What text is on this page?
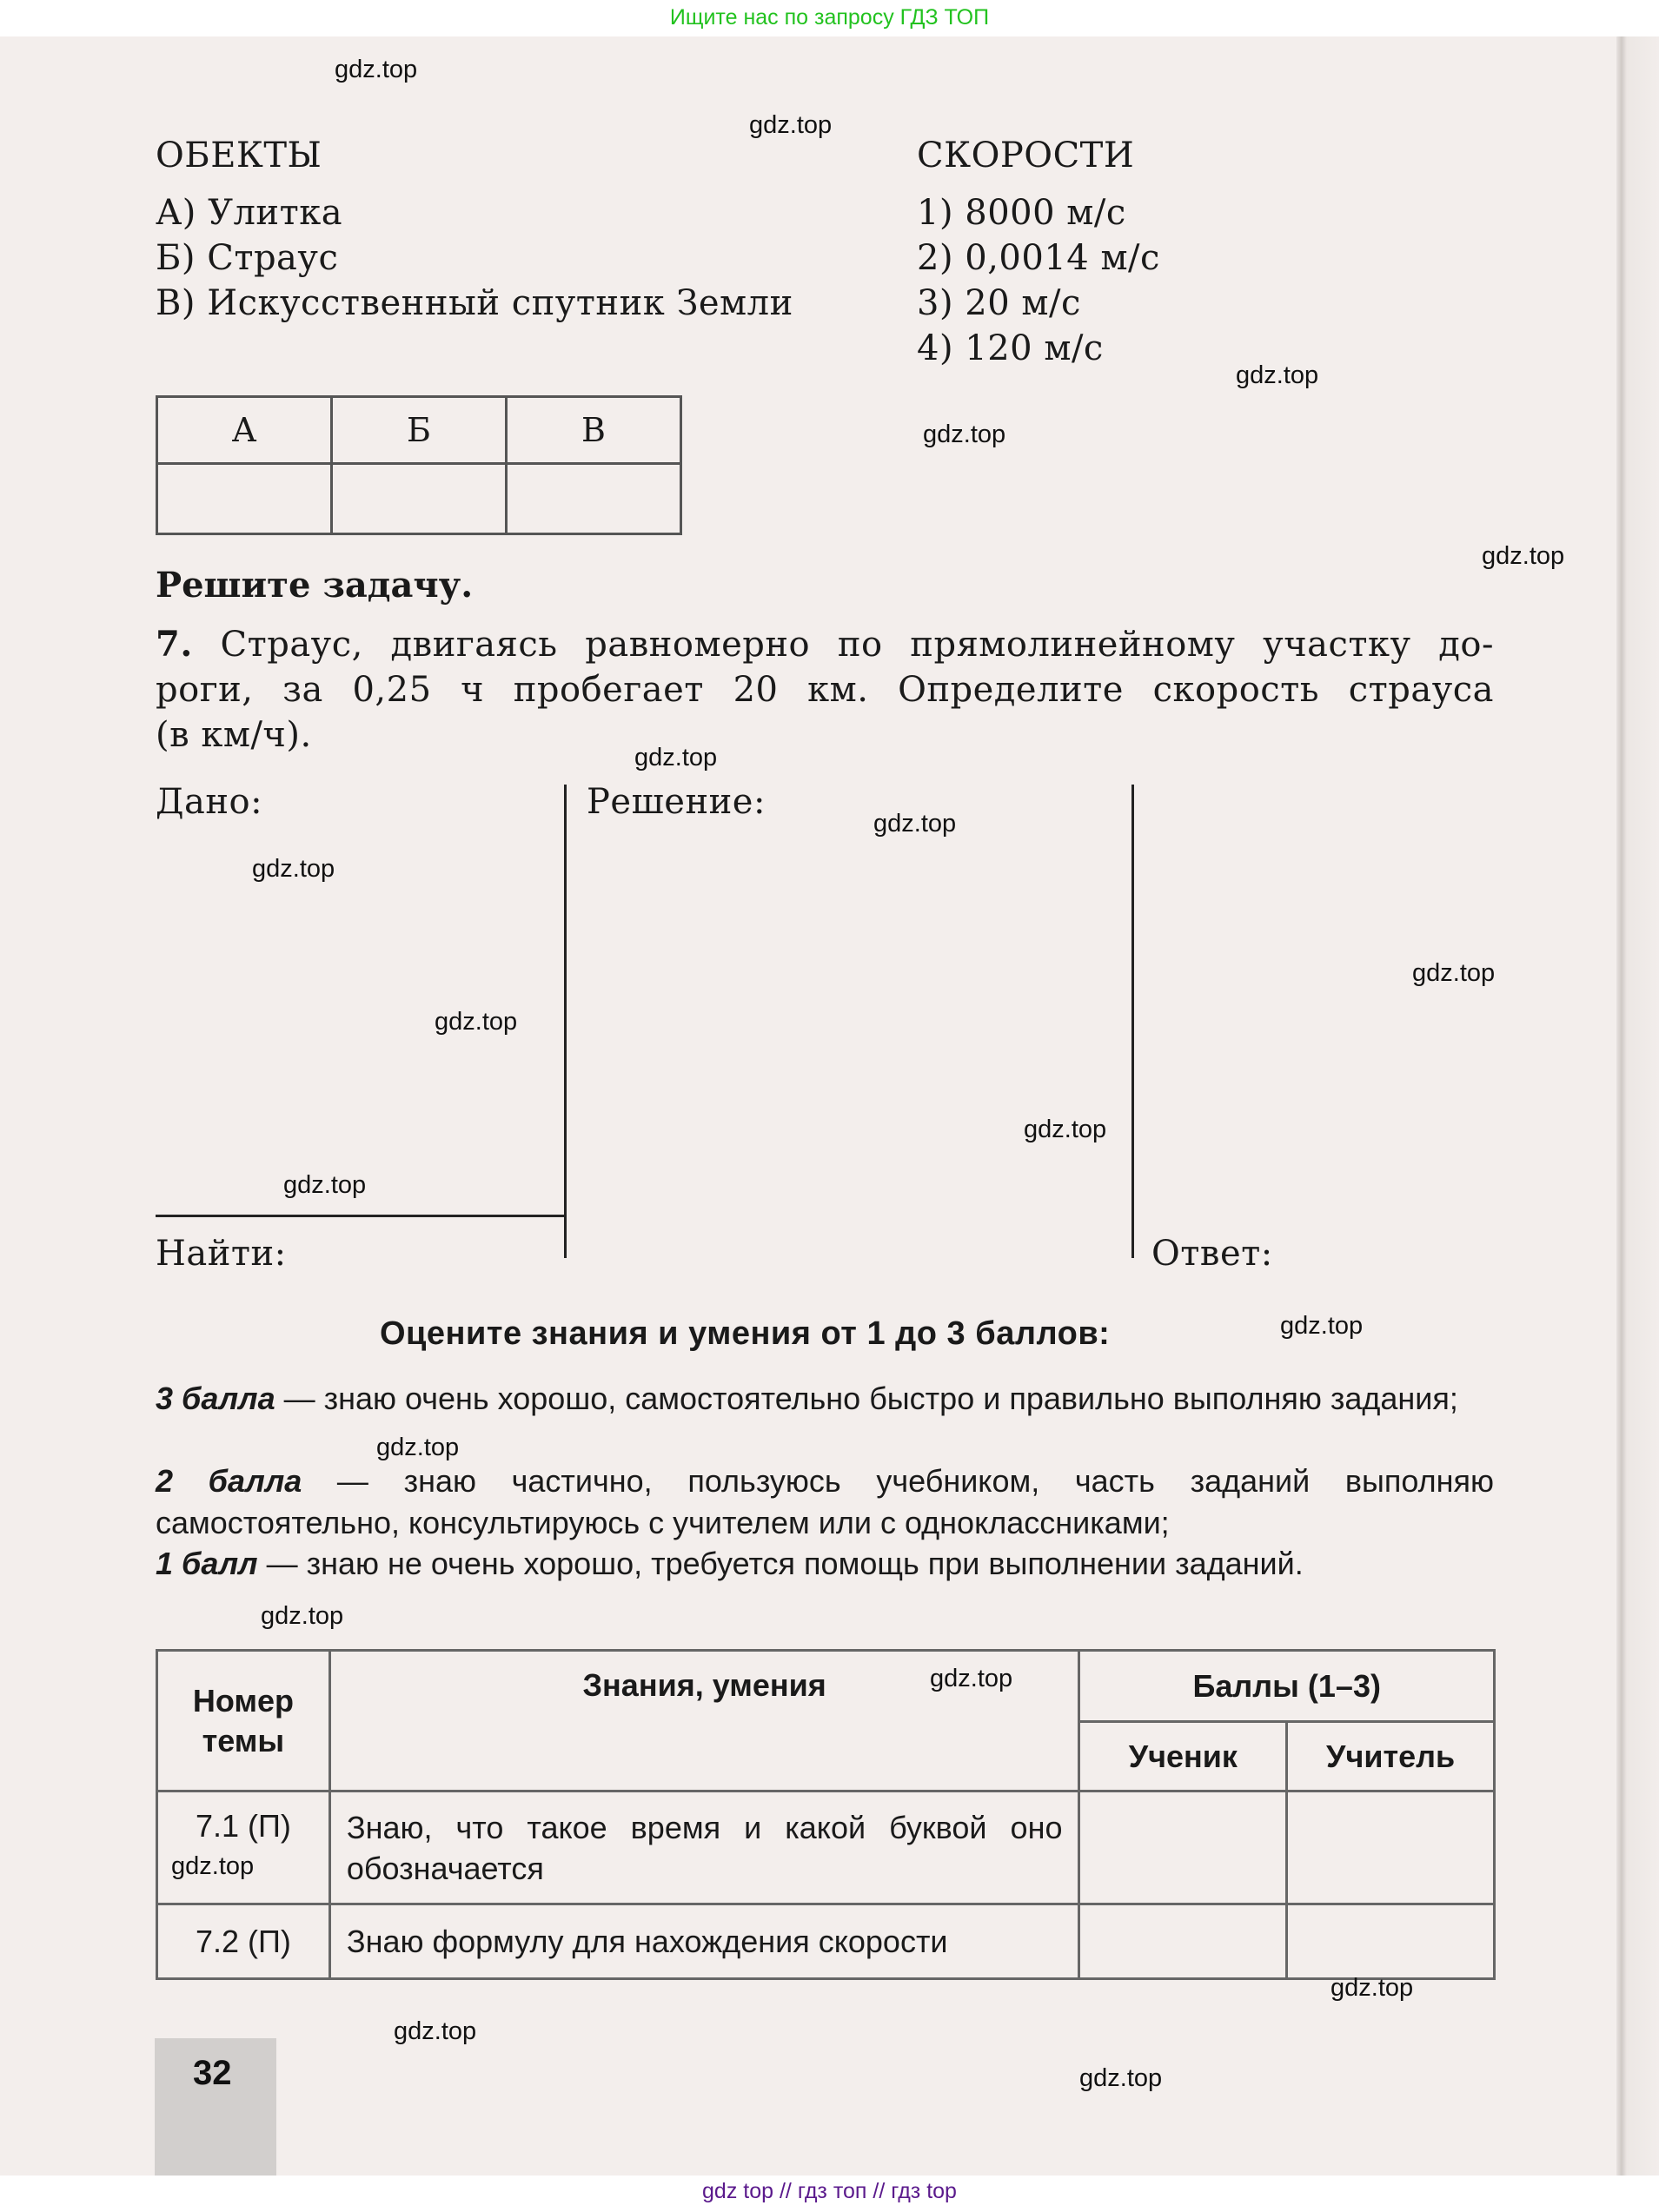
Ищите нас по запросу ГДЗ ТОП
ОБЕКТЫ	СКОРОСТИ
А) Улитка
Б) Страус
В) Искусственный спутник Земли
1) 8000 м/с
2) 0,0014 м/с
3) 20 м/с
4) 120 м/с
А	Б	В

Решите задачу.
7. Страус, двигаясь равномерно по прямолинейному участку до-
роги, за 0,25 ч пробегает 20 км. Определите скорость страуса
(в км/ч).
Дано:	Решение:
Найти:	Ответ:
Оцените знания и умения от 1 до 3 баллов:
3 балла — знаю очень хорошо, самостоятельно быстро и правильно выполняю задания;
2 балла — знаю частично, пользуюсь учебником, часть заданий выполняю самостоятельно, консультируюсь с учителем или с одноклассниками;
1 балл — знаю не очень хорошо, требуется помощь при выполнении заданий.
Номер темы	Знания, умения	Баллы (1–3)	
		Ученик	Учитель
7.1 (П)	Знаю, что такое время и какой буквой оно обозначается		
7.2 (П)	Знаю формулу для нахождения скорости		
32
gdz.top
gdz.top
gdz.top
gdz.top
gdz.top
gdz.top
gdz.top
gdz.top
gdz.top
gdz.top
gdz.top
gdz.top
gdz.top
gdz.top
gdz.top
gdz.top
gdz.top
gdz.top
gdz.top
gdz.top
gdz top // гдз топ // гдз top
